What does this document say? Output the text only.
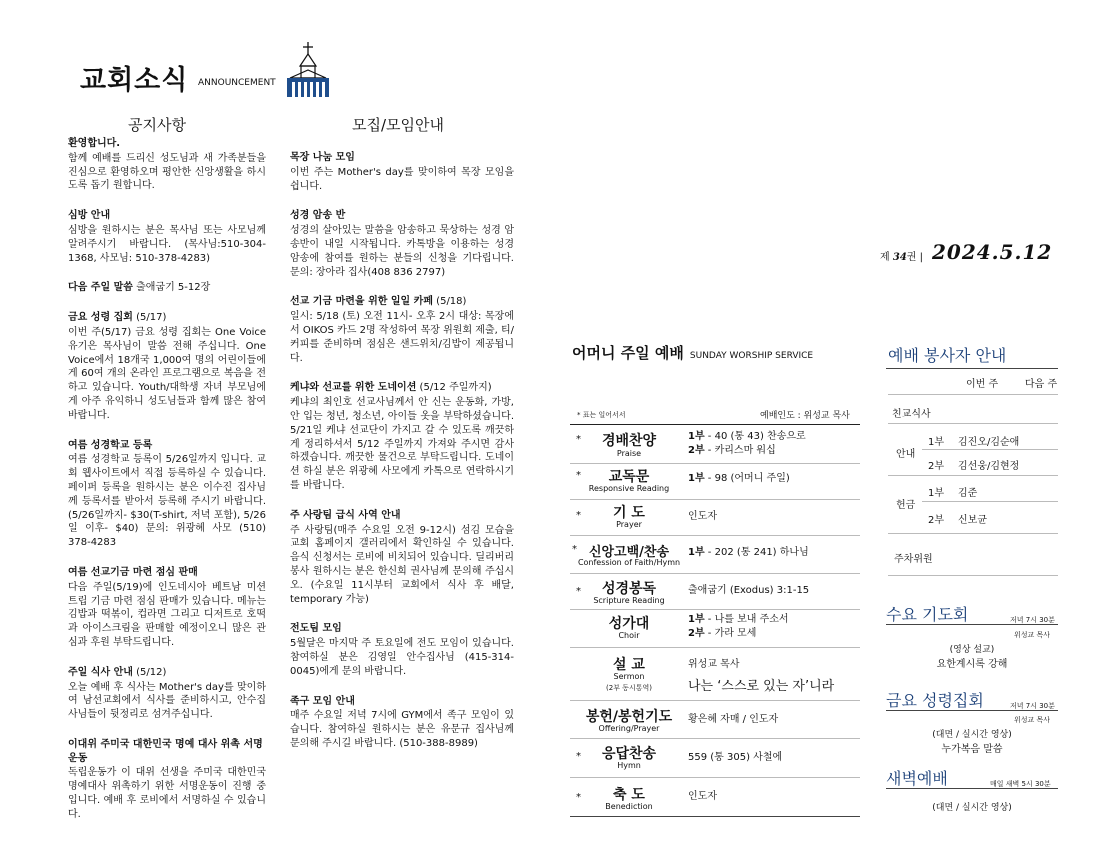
교회소식 ANNOUNCEMENT
공지사항	모집/모임안내
환영합니다.
함께 예배를 드리신 성도님과 새 가족분들을 진심으로 환영하오며 평안한 신앙생활을 하시도록 돕기 원합니다.
심방 안내
심방을 원하시는 분은 목사님 또는 사모님께 알려주시기 바랍니다. (목사님:510-304-1368, 사모님: 510-378-4283)
다음 주일 말씀 출애굽기 5-12장
금요 성령 집회 (5/17)
이번 주(5/17) 금요 성령 집회는 One Voice 유기은 목사님이 말씀 전해 주십니다. One Voice에서 18개국 1,000여 명의 어린이들에게 60여 개의 온라인 프로그램으로 복음을 전하고 있습니다. Youth/대학생 자녀 부모님에게 아주 유익하니 성도님들과 함께 많은 참여 바랍니다.
여름 성경학교 등록
여름 성경학교 등록이 5/26일까지 입니다. 교회 웹사이트에서 직접 등록하실 수 있습니다. 페이퍼 등록을 원하시는 분은 이수진 집사님께 등록서를 받아서 등록해 주시기 바랍니다. (5/26일까지- $30(T-shirt, 저녁 포함), 5/26일 이후- $40) 문의: 위광혜 사모 (510) 378-4283
여름 선교기금 마련 점심 판매
다음 주일(5/19)에 인도네시아 베트남 미션 트립 기금 마련 점심 판매가 있습니다. 메뉴는 김밥과 떡볶이, 컵라면 그리고 디저트로 호떡과 아이스크림을 판매할 예정이오니 많은 관심과 후원 부탁드립니다.
주일 식사 안내 (5/12)
오늘 예배 후 식사는 Mother's day를 맞이하여 남선교회에서 식사를 준비하시고, 안수집사님들이 뒷정리로 섬겨주십니다.
이대위 주미국 대한민국 명예 대사 위촉 서명운동
독립운동가 이 대위 선생을 주미국 대한민국 명예대사 위촉하기 위한 서명운동이 진행 중입니다. 예배 후 로비에서 서명하실 수 있습니다.
목장 나눔 모임
이번 주는 Mother's day를 맞이하여 목장 모임을 쉽니다.
성경 암송 반
성경의 살아있는 말씀을 암송하고 묵상하는 성경 암송반이 내일 시작됩니다. 카톡방을 이용하는 성경 암송에 참여를 원하는 분들의 신청을 기다립니다. 문의: 장아라 집사(408 836 2797)
선교 기금 마련을 위한 일일 카페 (5/18)
일시: 5/18 (토) 오전 11시- 오후 2시 대상: 목장에서 OIKOS 카드 2명 작성하여 목장 위원회 제출, 티/커피를 준비하며 점심은 샌드위치/김밥이 제공됩니다.
케냐와 선교를 위한 도네이션 (5/12 주일까지)
케냐의 최인호 선교사님께서 안 신는 운동화, 가방, 안 입는 청년, 청소년, 아이들 옷을 부탁하셨습니다. 5/21일 케냐 선교단이 가지고 갈 수 있도록 깨끗하게 정리하셔서 5/12 주일까지 가져와 주시면 감사하겠습니다. 깨끗한 물건으로 부탁드립니다. 도네이션 하실 분은 위광혜 사모에게 카톡으로 연락하시기를 바랍니다.
주 사랑팀 급식 사역 안내
주 사랑팀(매주 수요일 오전 9-12시) 섬김 모습을 교회 홈페이지 갤러리에서 확인하실 수 있습니다. 음식 신청서는 로비에 비치되어 있습니다. 딜리버리 봉사 원하시는 분은 한신희 권사님께 문의해 주십시오. (수요일 11시부터 교회에서 식사 후 배달, temporary 가능)
전도팀 모임
5월달은 마지막 주 토요일에 전도 모임이 있습니다. 참여하실 분은 김영일 안수집사님 (415-314-0045)에게 문의 바랍니다.
족구 모임 안내
매주 수요일 저녁 7시에 GYM에서 족구 모임이 있습니다. 참여하실 원하시는 분은 유문규 집사님께 문의해 주시길 바랍니다. (510-388-8989)
제 34권 | 2024.5.12
어머니 주일 예배 SUNDAY WORSHIP SERVICE
* 표는 일어서서	예배인도 : 위성교 목사
*	경배찬양
Praise
1부 - 40 (통 43) 찬송으로
2부 - 카리스마 워십
*	교독문
Responsive Reading
1부 - 98 (어머니 주일)
*	기 도
Prayer
인도자
* 신앙고백/찬송
Confession of Faith/Hymn
1부 - 202 (통 241) 하나님
*	성경봉독
Scripture Reading
출애굽기 (Exodus) 3:1-15
성가대
Choir
1부 - 나를 보내 주소서
2부 - 가라 모세
설 교
Sermon
(2부 동시통역)
위성교 목사
나는 ‘스스로 있는 자’니라
봉헌/봉헌기도
Offering/Prayer
황은혜 자매 / 인도자
*	응답찬송
Hymn
559 (통 305) 사철에
*	축 도
Benediction
인도자
예배 봉사자 안내
이번 주	다음 주
친교식사
안내
1부 김진오/김순애
2부 김선웅/김현정
헌금
1부 김준
2부 신보균
주차위원
수요 기도회	저녁 7시 30분
위성교 목사
(영상 설교)
요한계시록 강해
금요 성령집회	저녁 7시 30분
위성교 목사
(대면 / 실시간 영상)
누가복음 말씀
새벽예배	매일 새벽 5시 30분
(대면 / 실시간 영상)
